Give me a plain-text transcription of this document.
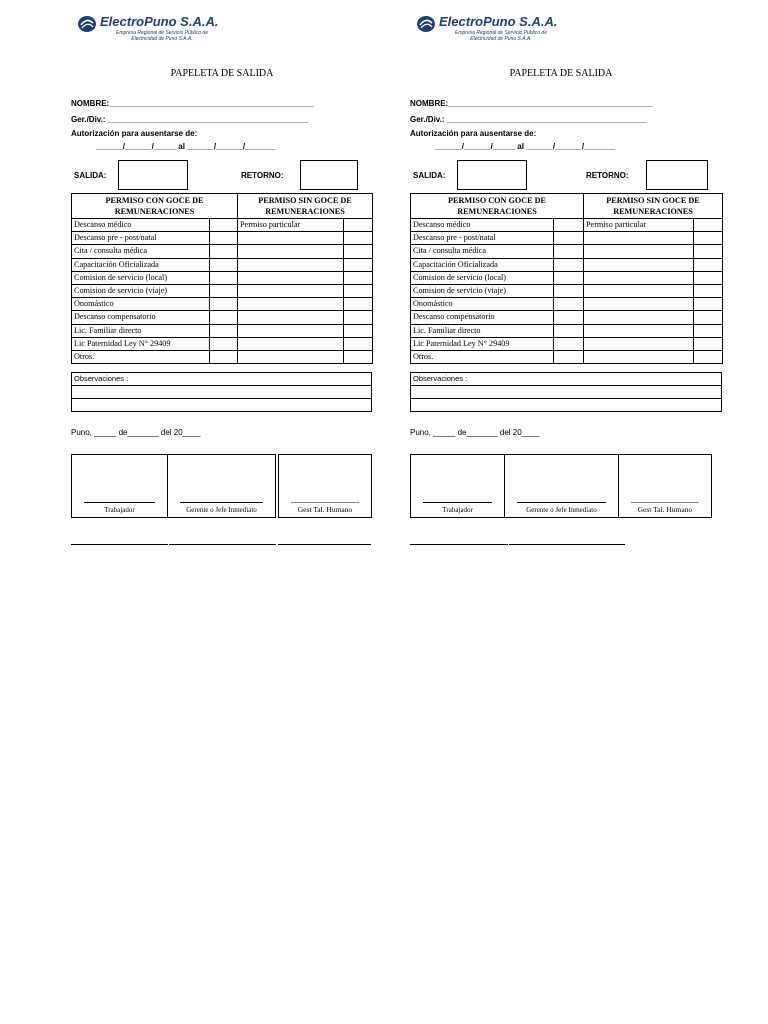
ElectroPuno S.A.A.
Empresa Regional de Servicio Público de
Electricidad de Puno S.A.A.
PAPELETA DE SALIDA
NOMBRE:______________________________________________
Ger./Div.: _____________________________________________
Autorización para ausentarse de:
______/______/_____ al ______/______/_______
SALIDA:	RETORNO:
PERMISO CON GOCE DE REMUNERACIONES		PERMISO SIN GOCE DE REMUNERACIONES	
Descanso médico		Permiso particular	
Descanso pre - post/natal			
Cita / consulta médica			
Capacitación Oficializada			
Comision de servicio (local)			
Comision de servicio (viaje)			
Onomástico			
Descanso compensatorio			
Lic. Familiar directo			
Lic Paternidad Ley N° 29409			
Otros.			
Observaciones :
Puno, _____ de_______ del 20____
Trabajador	Gerente o Jefe Inmediato	Gest Tal. Humano
ElectroPuno S.A.A.
Empresa Regional de Servicio Público de
Electricidad de Puno S.A.A.
PAPELETA DE SALIDA
NOMBRE:______________________________________________
Ger./Div.: _____________________________________________
Autorización para ausentarse de:
______/______/_____ al ______/______/_______
SALIDA:	RETORNO:
PERMISO CON GOCE DE REMUNERACIONES		PERMISO SIN GOCE DE REMUNERACIONES	
Descanso médico		Permiso particular	
Descanso pre - post/natal			
Cita / consulta médica			
Capacitación Oficializada			
Comision de servicio (local)			
Comision de servicio (viaje)			
Onomástico			
Descanso compensatorio			
Lic. Familiar directo			
Lic Paternidad Ley N° 29409			
Otros.			
Observaciones :
Puno, _____ de_______ del 20____
Trabajador	Gerente o Jefe Inmediato	Gest Tal. Humano
